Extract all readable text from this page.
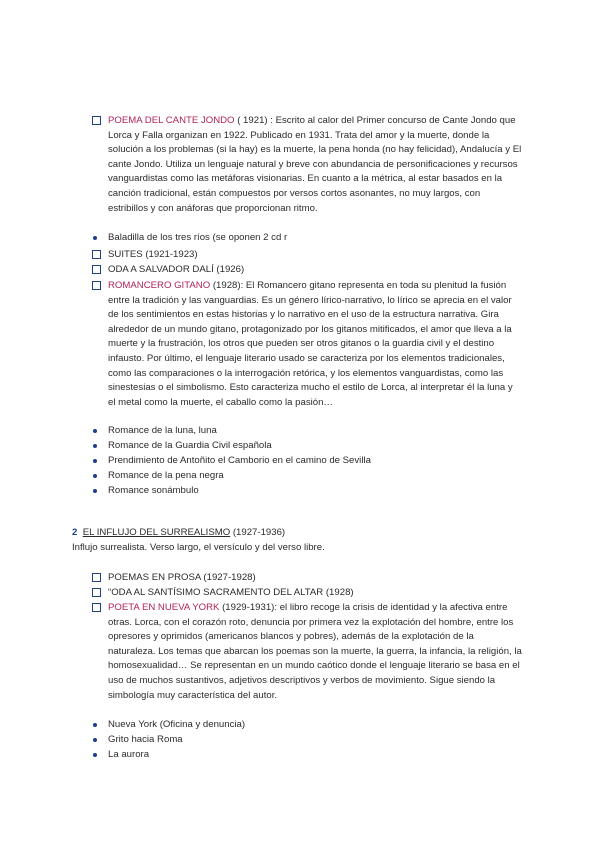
POEMA DEL CANTE JONDO ( 1921) : Escrito al calor del Primer concurso de Cante Jondo que Lorca y Falla organizan en 1922. Publicado en 1931. Trata del amor y la muerte, donde la solución a los problemas (si la hay) es la muerte, la pena honda (no hay felicidad), Andalucía y El cante Jondo. Utiliza un lenguaje natural y breve con abundancia de personificaciones y recursos vanguardistas como las metáforas visionarias. En cuanto a la métrica, al estar basados en la canción tradicional, están compuestos por versos cortos asonantes, no muy largos, con estribillos y con anáforas que proporcionan ritmo.
Baladilla de los tres ríos (se oponen 2 cd r
SUITES (1921-1923)
ODA A SALVADOR DALÍ (1926)
ROMANCERO GITANO (1928): El Romancero gitano representa en toda su plenitud la fusión entre la tradición y las vanguardias. Es un género lírico-narrativo, lo lírico se aprecia en el valor de los sentimientos en estas historias y lo narrativo en el uso de la estructura narrativa. Gira alrededor de un mundo gitano, protagonizado por los gitanos mitificados, el amor que lleva a la muerte y la frustración, los otros que pueden ser otros gitanos o la guardia civil y el destino infausto. Por último, el lenguaje literario usado se caracteriza por los elementos tradicionales, como las comparaciones o la interrogación retórica, y los elementos vanguardistas, como las sinestesias o el simbolismo. Esto caracteriza mucho el estilo de Lorca, al interpretar él la luna y el metal como la muerte, el caballo como la pasión…
Romance de la luna, luna
Romance de la Guardia Civil española
Prendimiento de Antoñito el Camborio en el camino de Sevilla
Romance de la pena negra
Romance sonámbulo
2 EL INFLUJO DEL SURREALISMO (1927-1936)
Influjo surrealista. Verso largo, el versículo y del verso libre.
POEMAS EN PROSA (1927-1928)
“ODA AL SANTÍSIMO SACRAMENTO DEL ALTAR (1928)
POETA EN NUEVA YORK (1929-1931): el libro recoge la crisis de identidad y la afectiva entre otras. Lorca, con el corazón roto, denuncia por primera vez la explotación del hombre, entre los opresores y oprimidos (americanos blancos y pobres), además de la explotación de la naturaleza. Los temas que abarcan los poemas son la muerte, la guerra, la infancia, la religión, la homosexualidad… Se representan en un mundo caótico donde el lenguaje literario se basa en el uso de muchos sustantivos, adjetivos descriptivos y verbos de movimiento. Sigue siendo la simbología muy característica del autor.
Nueva York (Oficina y denuncia)
Grito hacia Roma
La aurora
